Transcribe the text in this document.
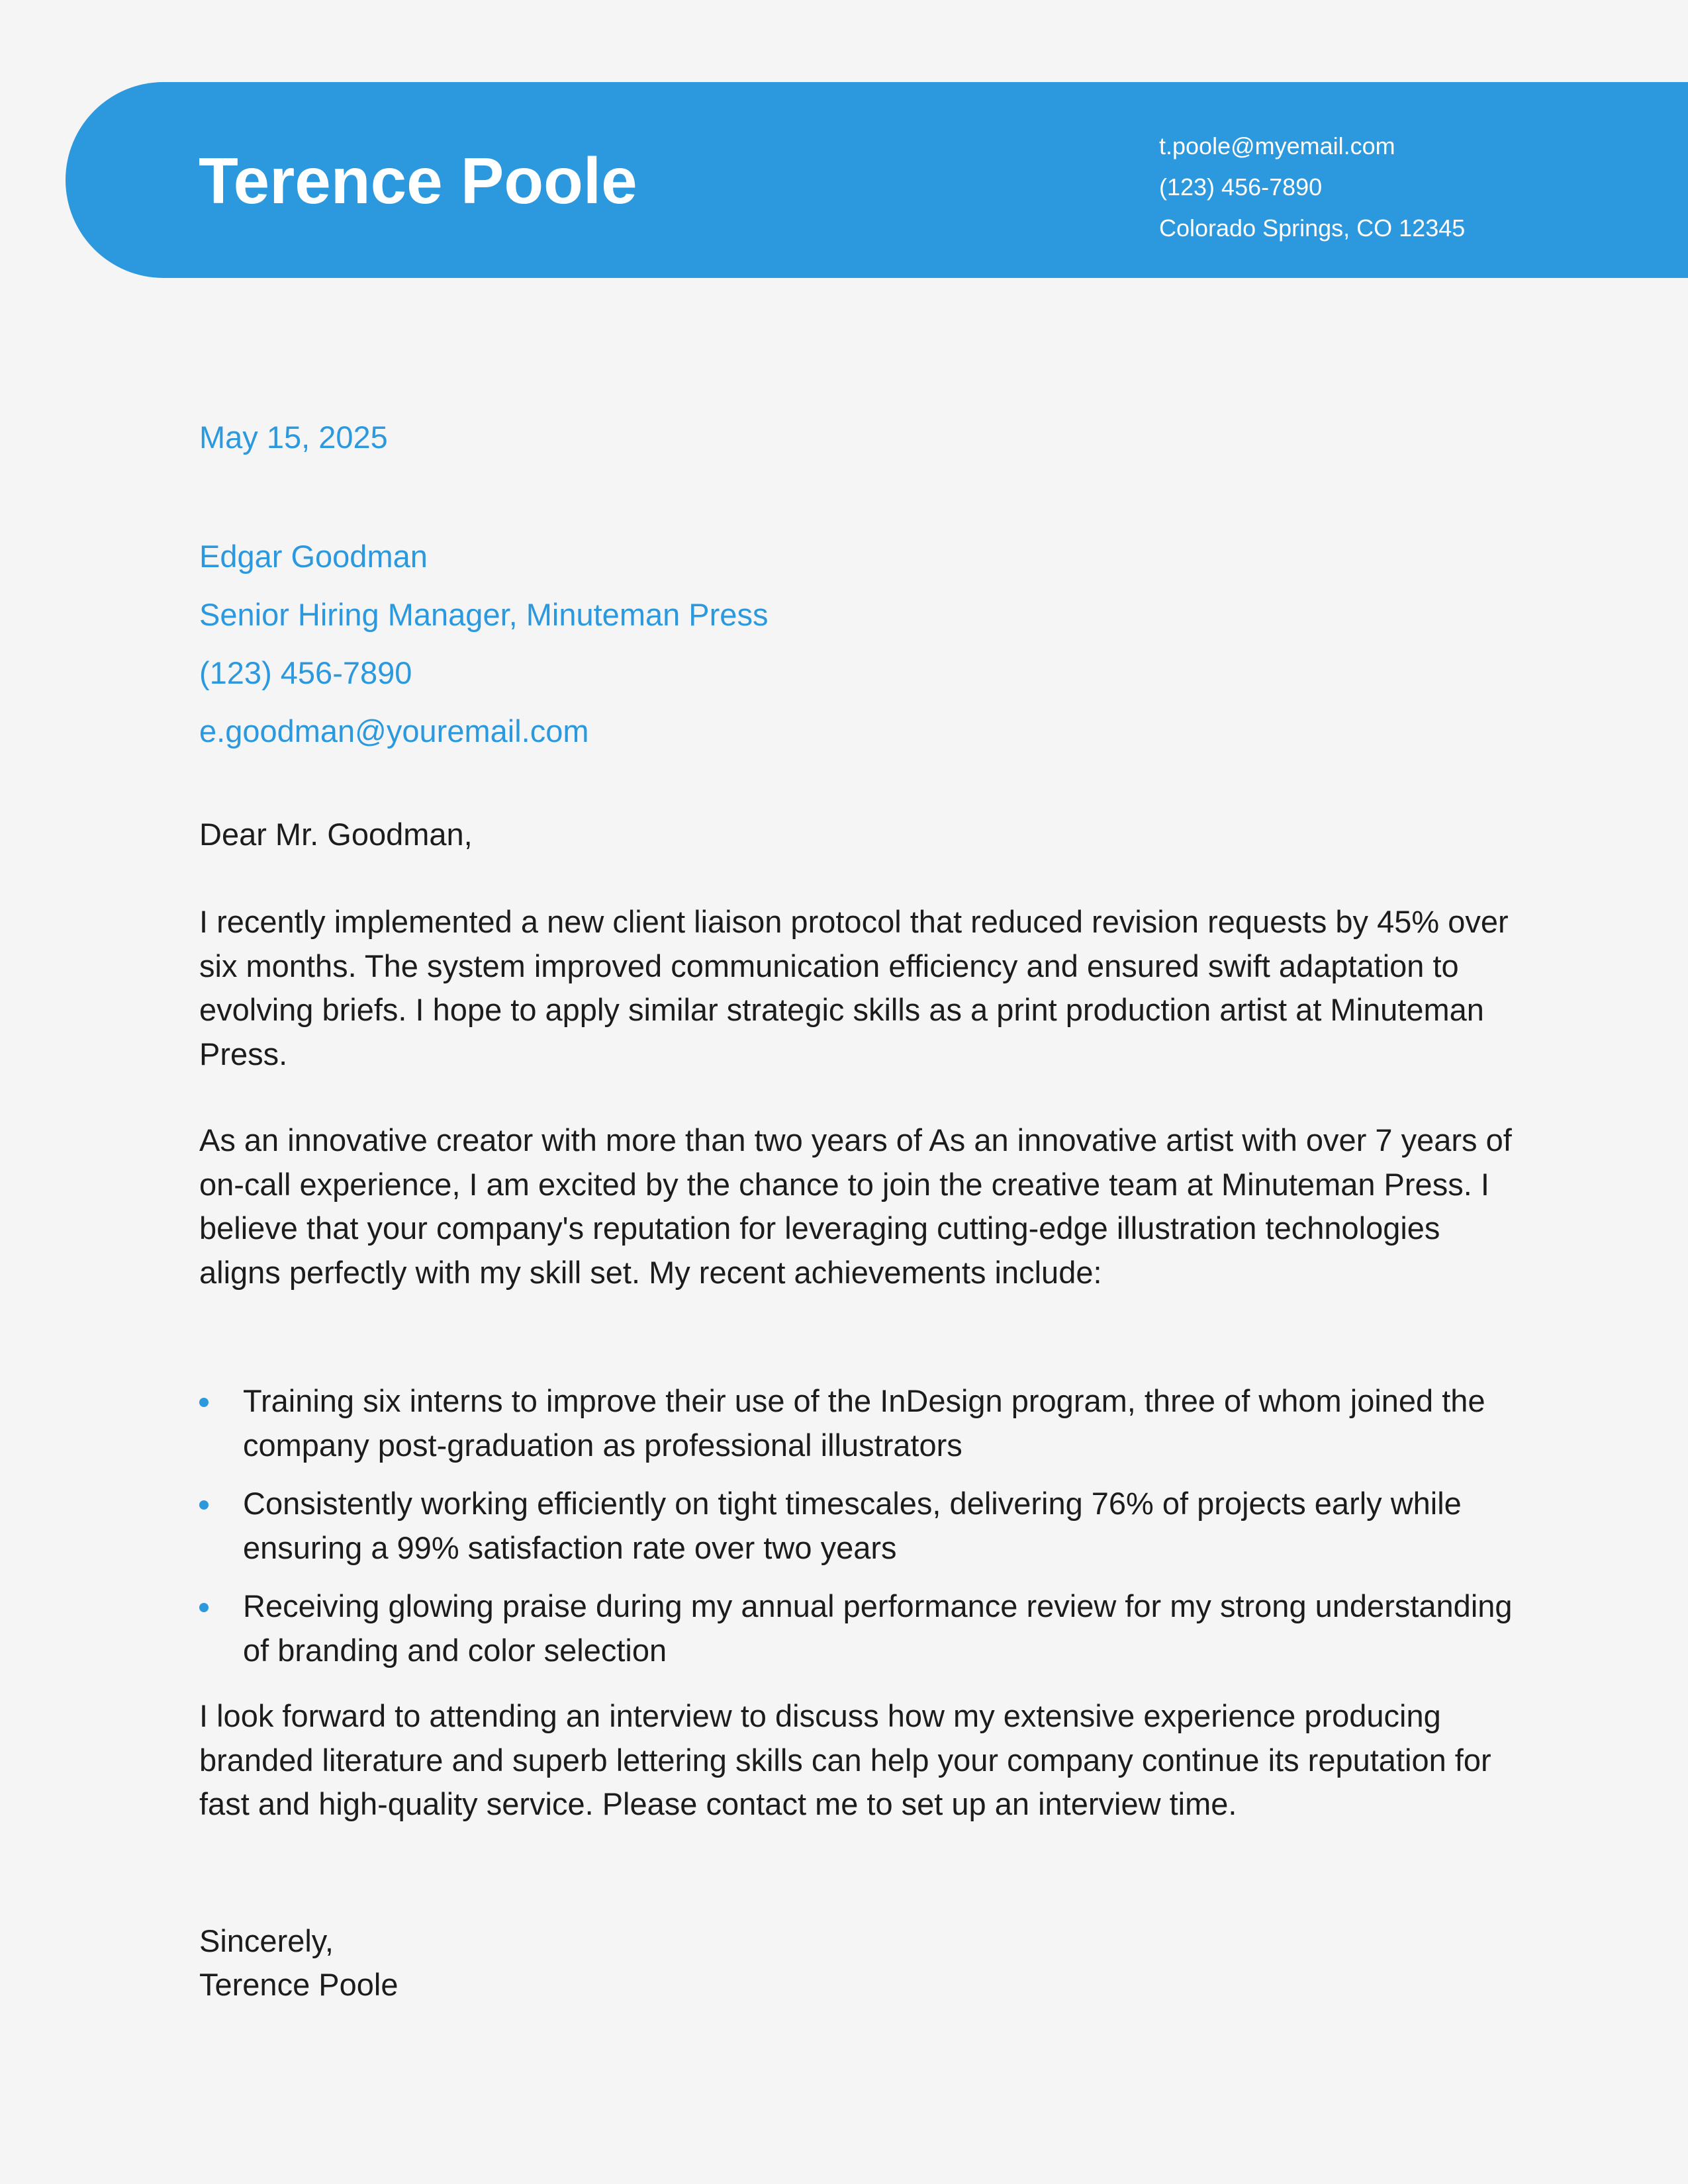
Terence Poole	t.poole@myemail.com
(123) 456-7890
Colorado Springs, CO 12345
May 15, 2025
Edgar Goodman
Senior Hiring Manager, Minuteman Press
(123) 456-7890
e.goodman@youremail.com
Dear Mr. Goodman,

I recently implemented a new client liaison protocol that reduced revision requests by 45% over six months. The system improved communication efficiency and ensured swift adaptation to evolving briefs. I hope to apply similar strategic skills as a print production artist at Minuteman Press.

As an innovative creator with more than two years of As an innovative artist with over 7 years of on-call experience, I am excited by the chance to join the creative team at Minuteman Press. I believe that your company's reputation for leveraging cutting-edge illustration technologies aligns perfectly with my skill set. My recent achievements include:

Training six interns to improve their use of the InDesign program, three of whom joined the company post-graduation as professional illustrators
Consistently working efficiently on tight timescales, delivering 76% of projects early while ensuring a 99% satisfaction rate over two years
Receiving glowing praise during my annual performance review for my strong understanding of branding and color selection

I look forward to attending an interview to discuss how my extensive experience producing branded literature and superb lettering skills can help your company continue its reputation for fast and high-quality service. Please contact me to set up an interview time.

Sincerely,
Terence Poole
